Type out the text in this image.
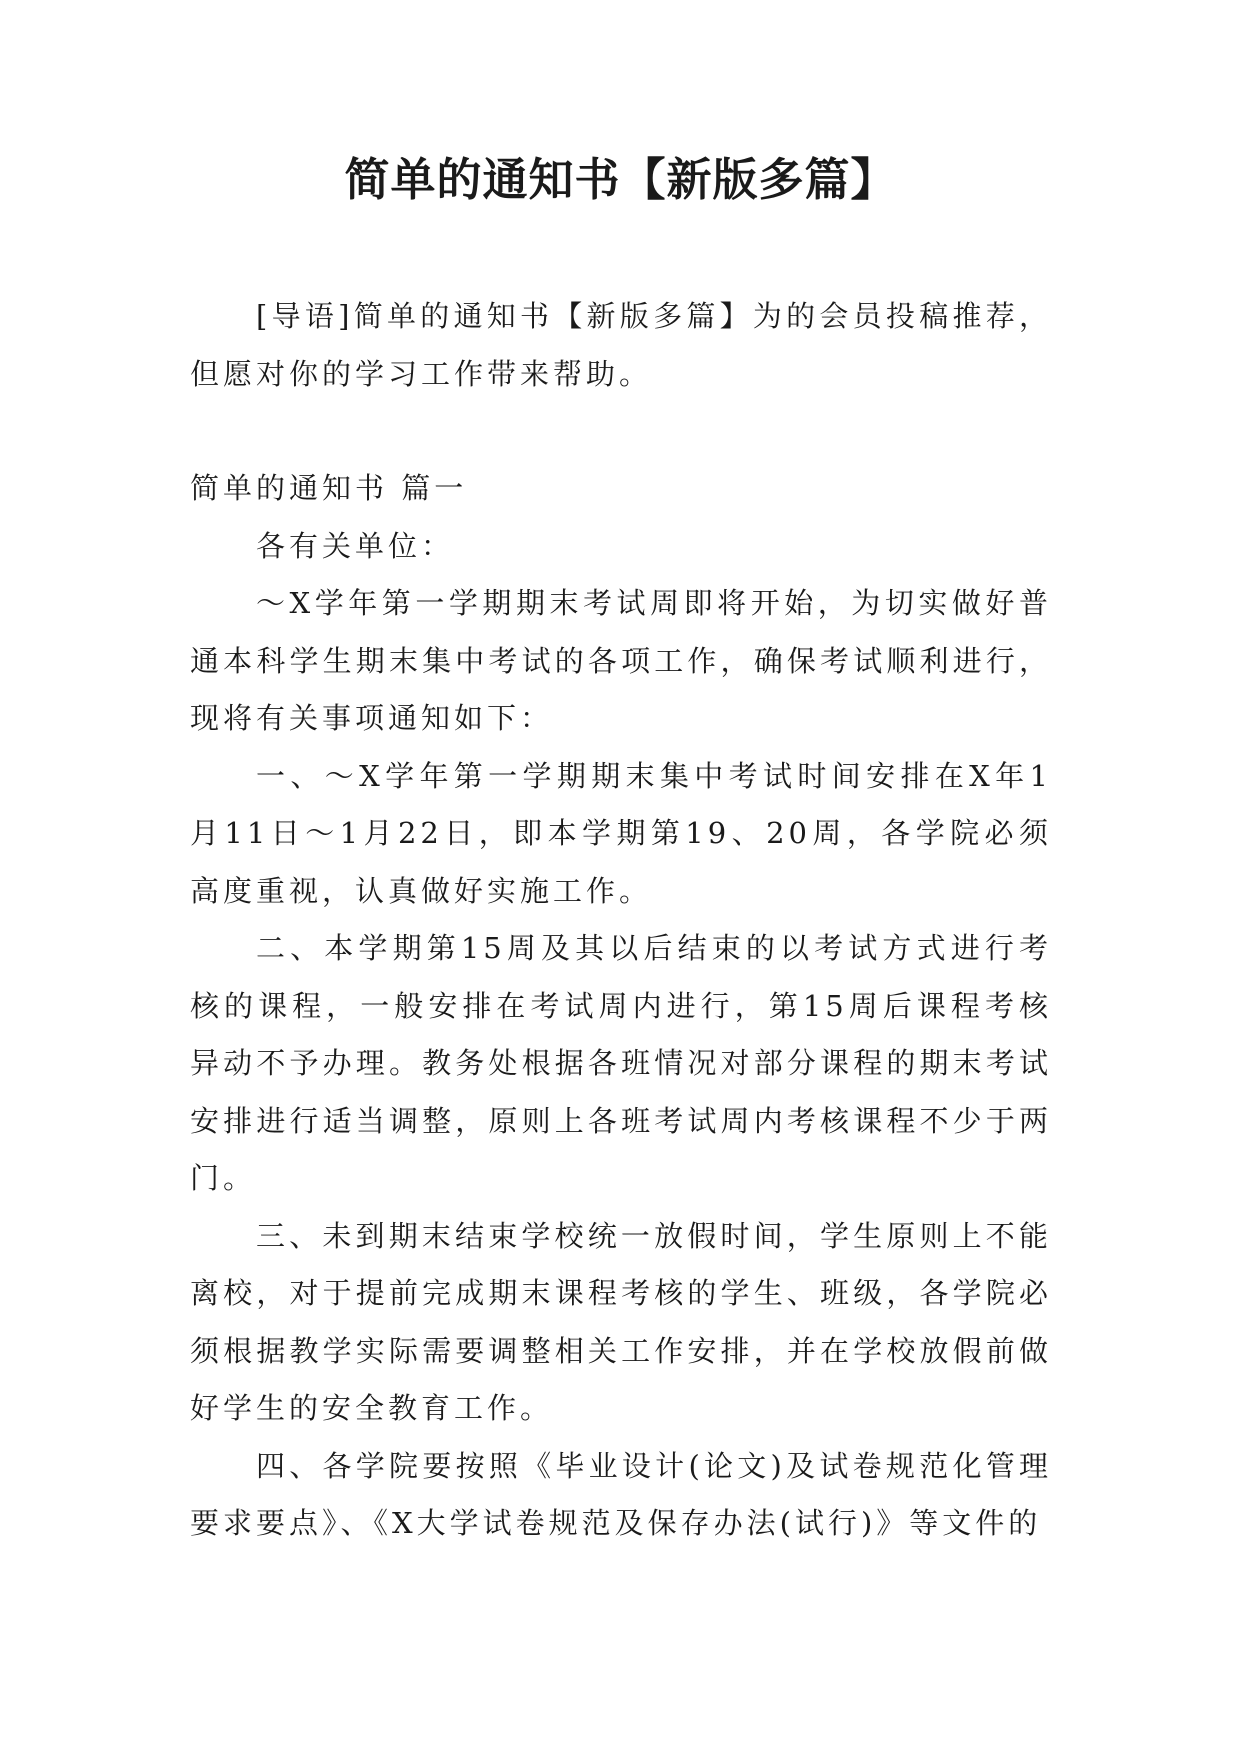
简单的通知书【新版多篇】

[导语]简单的通知书【新版多篇】为的会员投稿推荐，但愿对你的学习工作带来帮助。

简单的通知书 篇一

各有关单位：

～X学年第一学期期末考试周即将开始，为切实做好普通本科学生期末集中考试的各项工作，确保考试顺利进行，现将有关事项通知如下：

一、～X学年第一学期期末集中考试时间安排在X年1月11日～1月22日，即本学期第19、20周，各学院必须高度重视，认真做好实施工作。

二、本学期第15周及其以后结束的以考试方式进行考核的课程，一般安排在考试周内进行，第15周后课程考核异动不予办理。教务处根据各班情况对部分课程的期末考试安排进行适当调整，原则上各班考试周内考核课程不少于两门。

三、未到期末结束学校统一放假时间，学生原则上不能离校，对于提前完成期末课程考核的学生、班级，各学院必须根据教学实际需要调整相关工作安排，并在学校放假前做好学生的安全教育工作。

四、各学院要按照《毕业设计(论文)及试卷规范化管理要求要点》、《X大学试卷规范及保存办法(试行)》等文件的
